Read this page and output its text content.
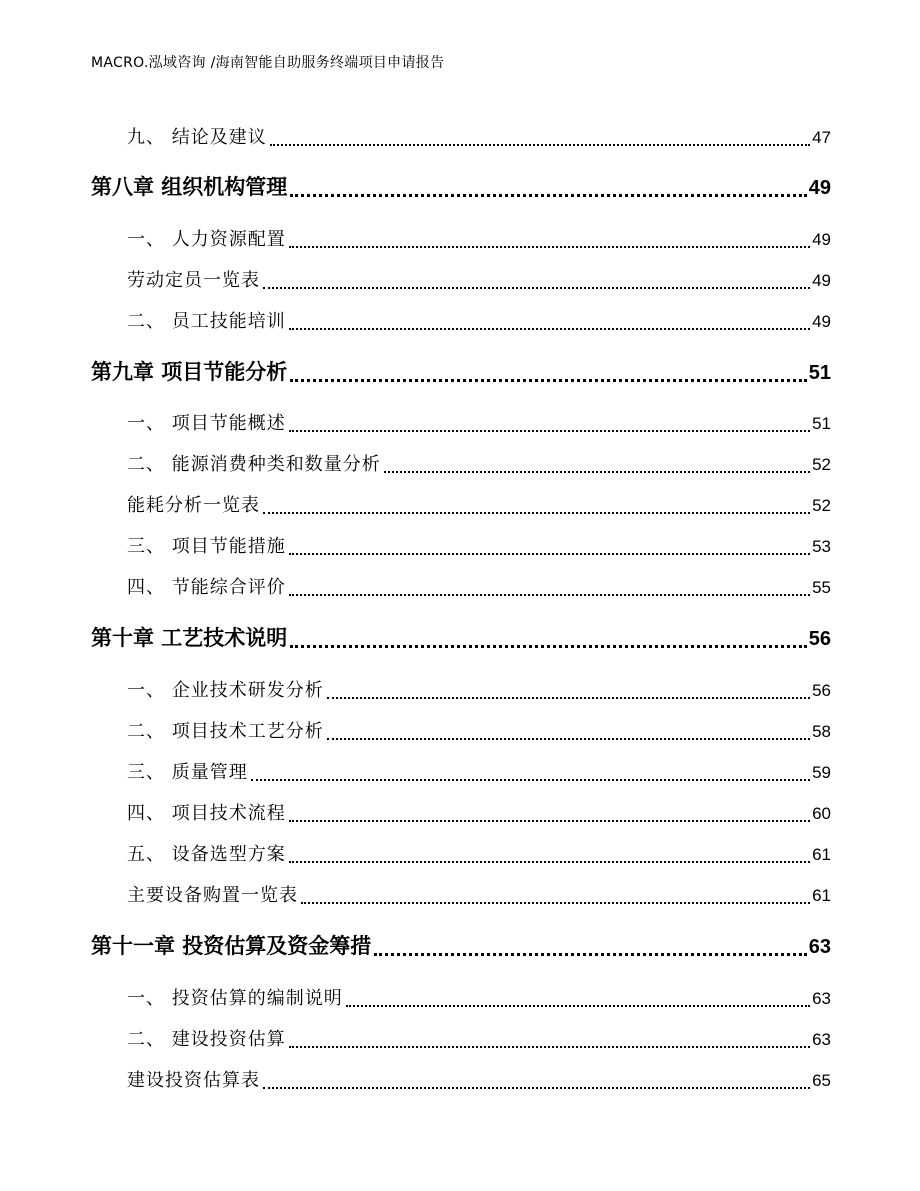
MACRO.泓域咨询 /海南智能自助服务终端项目申请报告
九、 结论及建议	47
第八章 组织机构管理	49
一、 人力资源配置	49
劳动定员一览表	49
二、 员工技能培训	49
第九章 项目节能分析	51
一、 项目节能概述	51
二、 能源消费种类和数量分析	52
能耗分析一览表	52
三、 项目节能措施	53
四、 节能综合评价	55
第十章 工艺技术说明	56
一、 企业技术研发分析	56
二、 项目技术工艺分析	58
三、 质量管理	59
四、 项目技术流程	60
五、 设备选型方案	61
主要设备购置一览表	61
第十一章 投资估算及资金筹措	63
一、 投资估算的编制说明	63
二、 建设投资估算	63
建设投资估算表	65
